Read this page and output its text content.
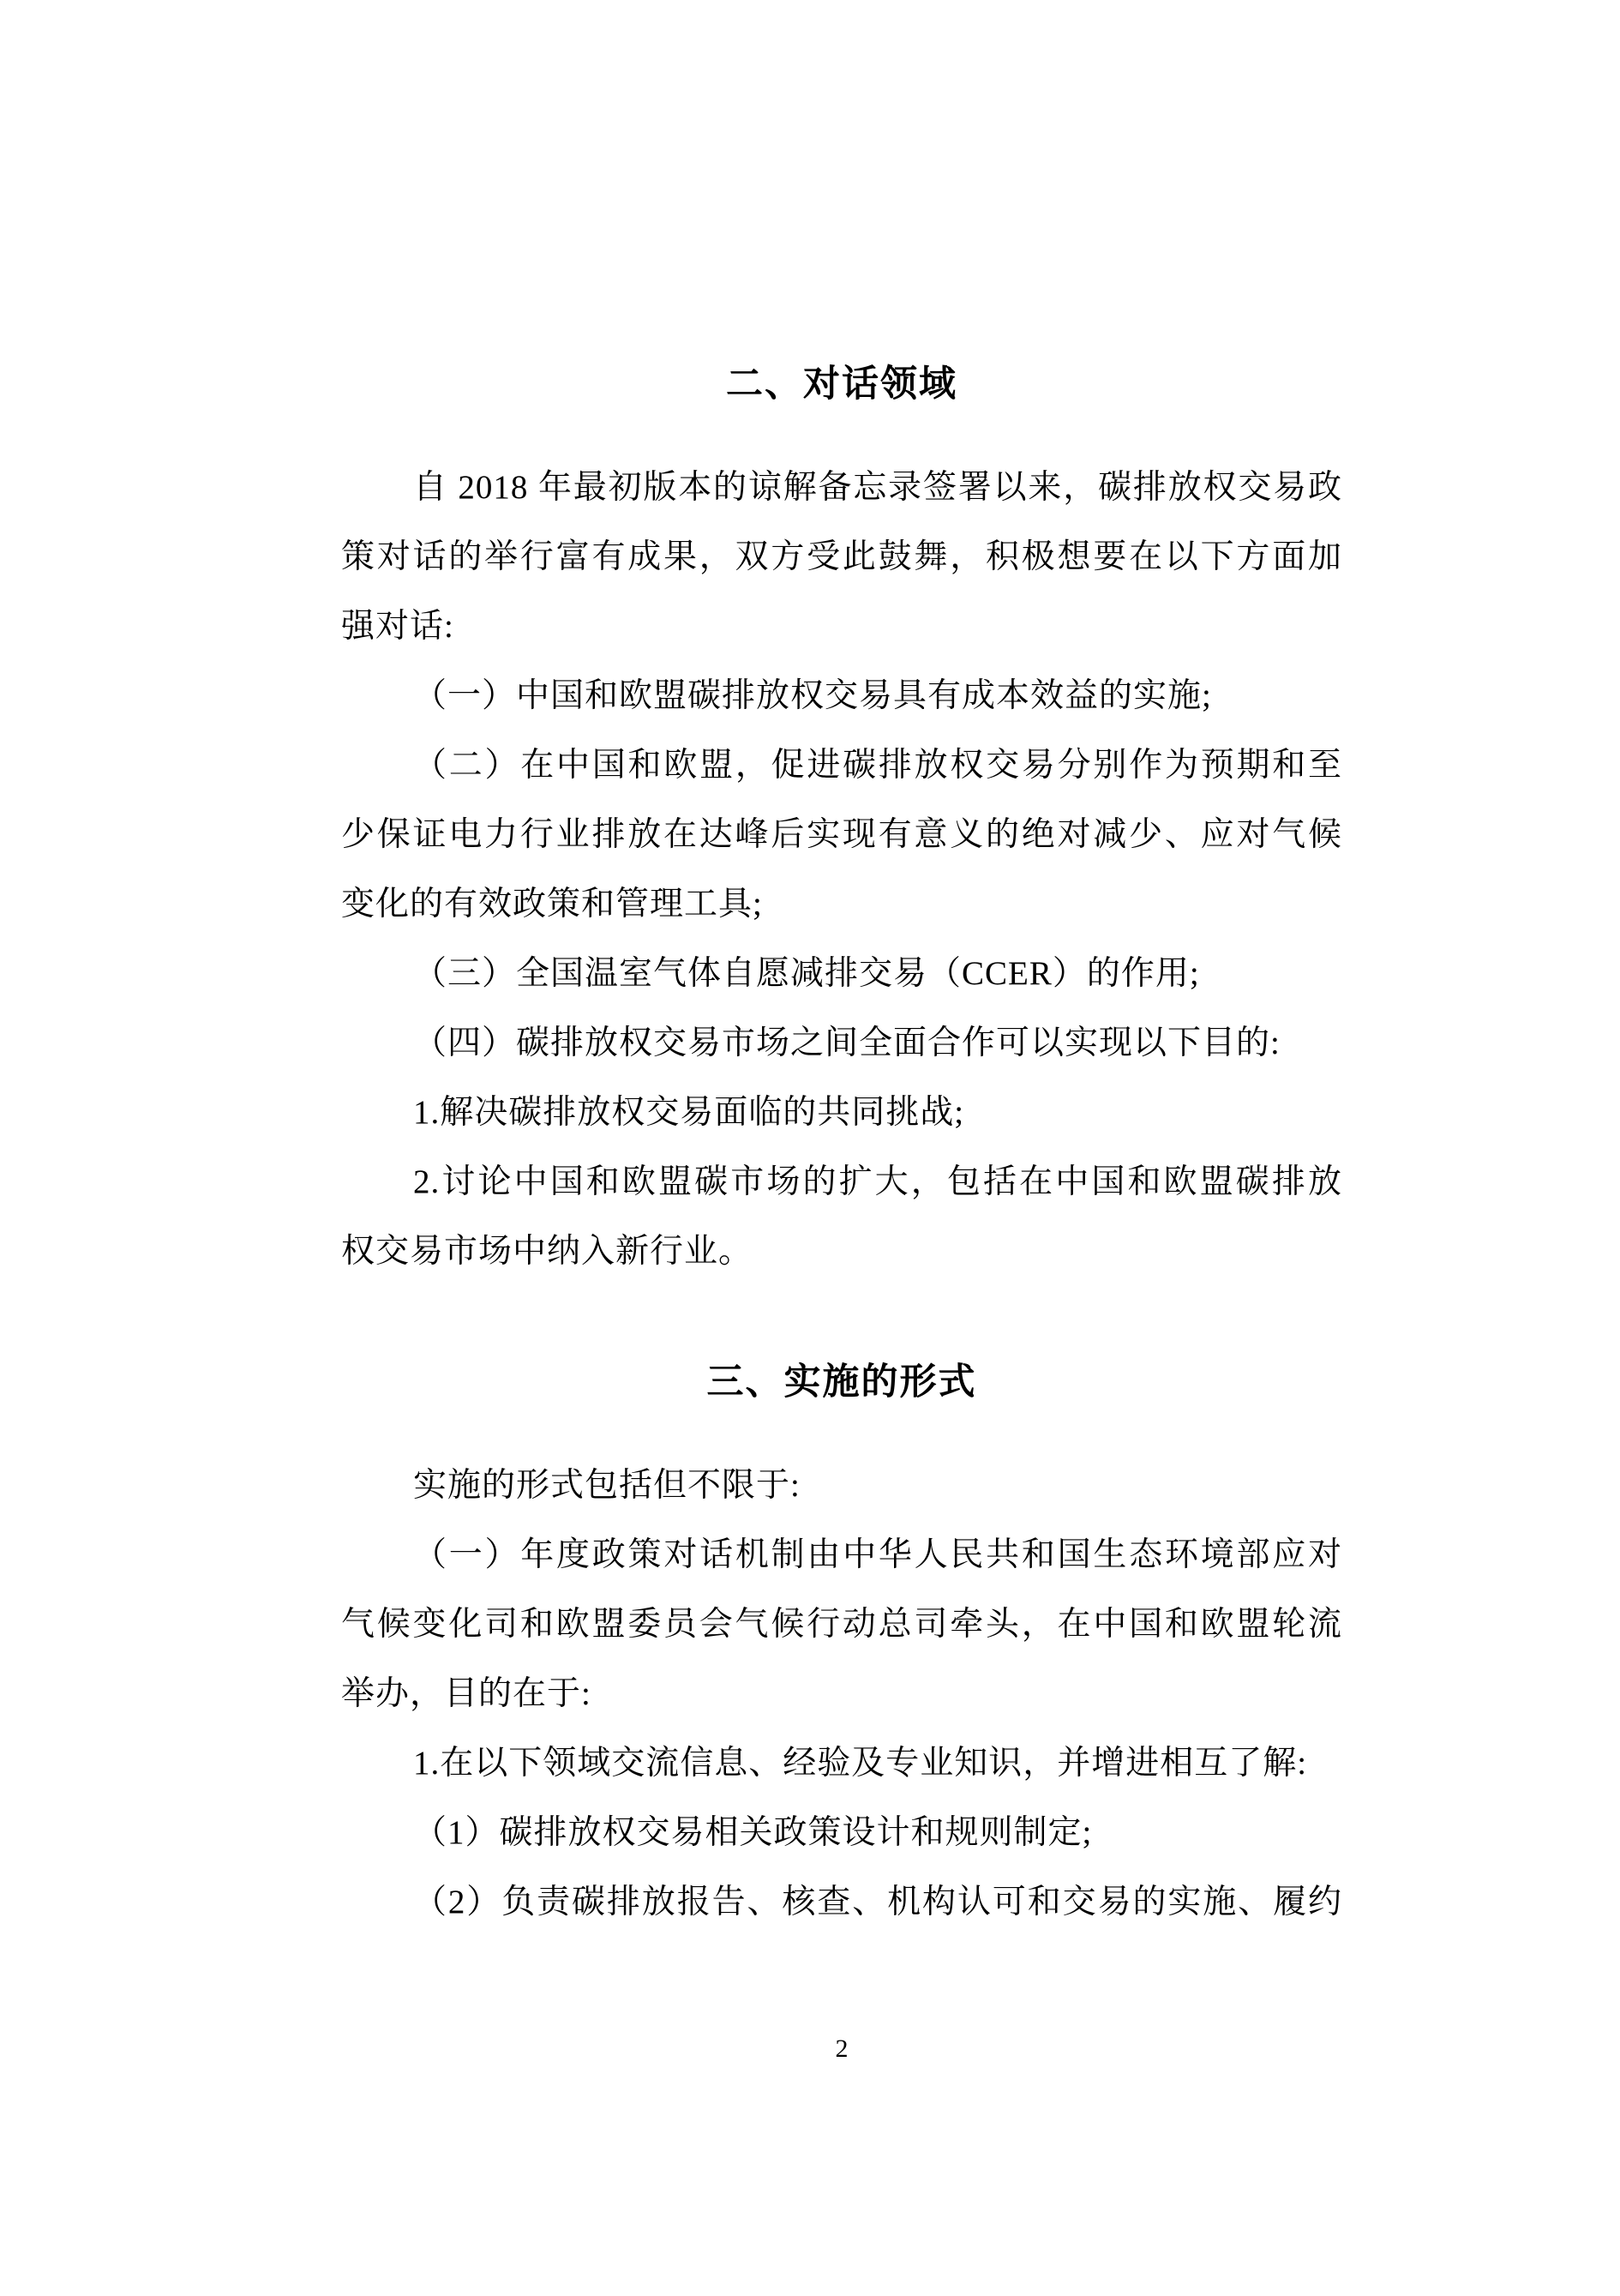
二、对话领域
自 2018 年最初版本的谅解备忘录签署以来，碳排放权交易政
策对话的举行富有成果，双方受此鼓舞，积极想要在以下方面加
强对话:
（一）中国和欧盟碳排放权交易具有成本效益的实施;
（二）在中国和欧盟，促进碳排放权交易分别作为预期和至
少保证电力行业排放在达峰后实现有意义的绝对减少、应对气候
变化的有效政策和管理工具;
（三）全国温室气体自愿减排交易（CCER）的作用;
（四）碳排放权交易市场之间全面合作可以实现以下目的:
1.解决碳排放权交易面临的共同挑战;
2.讨论中国和欧盟碳市场的扩大，包括在中国和欧盟碳排放
权交易市场中纳入新行业。
三、实施的形式
实施的形式包括但不限于:
（一）年度政策对话机制由中华人民共和国生态环境部应对
气候变化司和欧盟委员会气候行动总司牵头，在中国和欧盟轮流
举办，目的在于:
1.在以下领域交流信息、经验及专业知识，并增进相互了解:
（1）碳排放权交易相关政策设计和规则制定;
（2）负责碳排放报告、核查、机构认可和交易的实施、履约
2
